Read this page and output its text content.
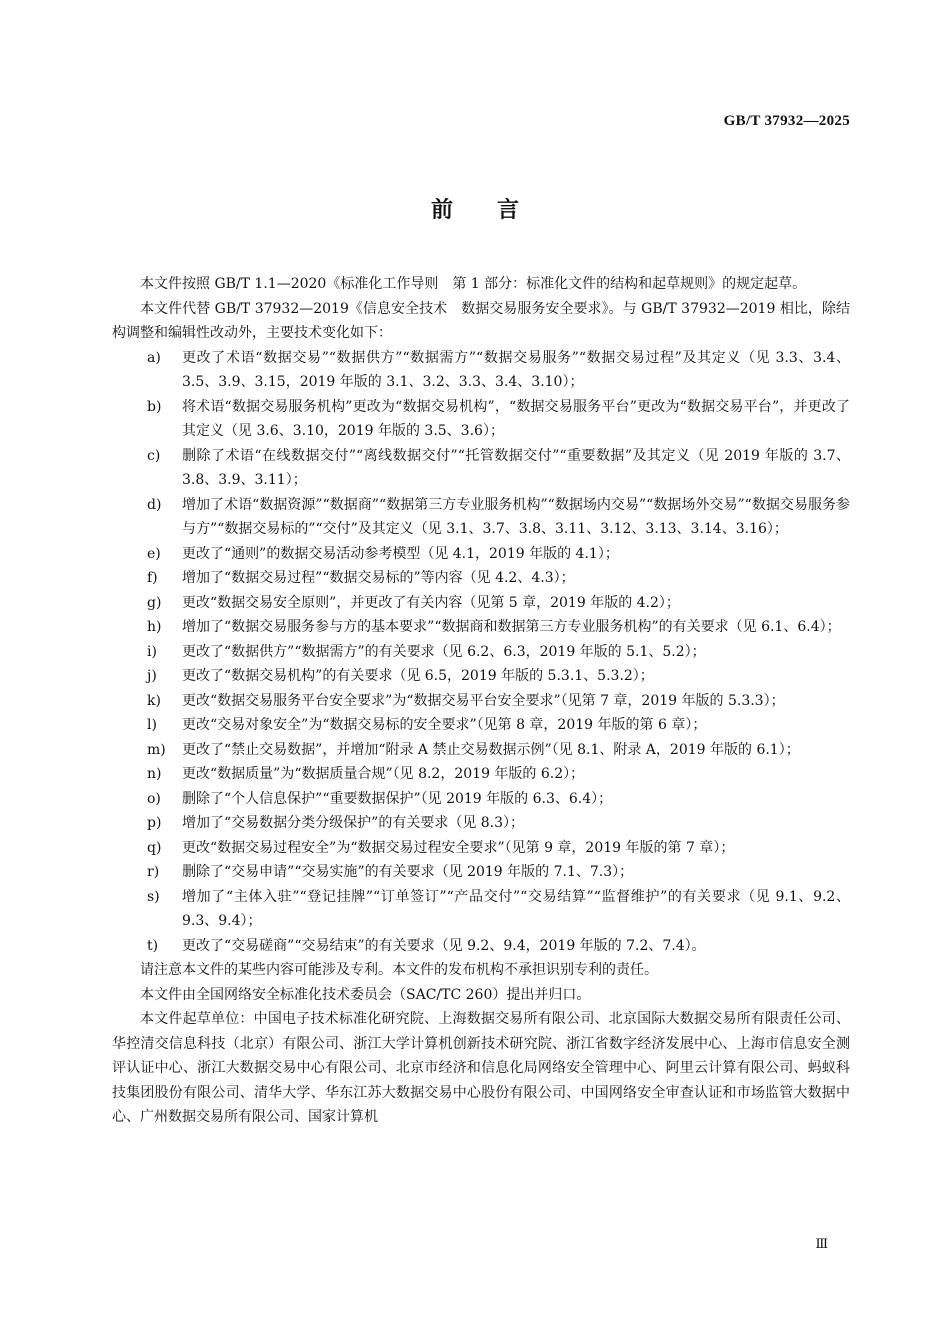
GB/T 37932—2025
前言

本文件按照 GB/T 1.1—2020《标准化工作导则　第 1 部分：标准化文件的结构和起草规则》的规定起草。

本文件代替 GB/T 37932—2019《信息安全技术　数据交易服务安全要求》。与 GB/T 37932—2019 相比，除结构调整和编辑性改动外，主要技术变化如下：

a)	更改了术语“数据交易”“数据供方”“数据需方”“数据交易服务”“数据交易过程”及其定义（见 3.3、3.4、3.5、3.9、3.15，2019 年版的 3.1、3.2、3.3、3.4、3.10）；
b)	将术语“数据交易服务机构”更改为“数据交易机构”，“数据交易服务平台”更改为“数据交易平台”，并更改了其定义（见 3.6、3.10，2019 年版的 3.5、3.6）；
c)	删除了术语“在线数据交付”“离线数据交付”“托管数据交付”“重要数据”及其定义（见 2019 年版的 3.7、3.8、3.9、3.11）；
d)	增加了术语“数据资源”“数据商”“数据第三方专业服务机构”“数据场内交易”“数据场外交易”“数据交易服务参与方”“数据交易标的”“交付”及其定义（见 3.1、3.7、3.8、3.11、3.12、3.13、3.14、3.16）；
e)	更改了“通则”的数据交易活动参考模型（见 4.1，2019 年版的 4.1）；
f)	增加了“数据交易过程”“数据交易标的”等内容（见 4.2、4.3）；
g)	更改“数据交易安全原则”，并更改了有关内容（见第 5 章，2019 年版的 4.2）；
h)	增加了“数据交易服务参与方的基本要求”“数据商和数据第三方专业服务机构”的有关要求（见 6.1、6.4）；
i)	更改了“数据供方”“数据需方”的有关要求（见 6.2、6.3，2019 年版的 5.1、5.2）；
j)	更改了“数据交易机构”的有关要求（见 6.5，2019 年版的 5.3.1、5.3.2）；
k)	更改“数据交易服务平台安全要求”为“数据交易平台安全要求”（见第 7 章，2019 年版的 5.3.3）；
l)	更改“交易对象安全”为“数据交易标的安全要求”（见第 8 章，2019 年版的第 6 章）；
m)	更改了“禁止交易数据”，并增加“附录 A 禁止交易数据示例”（见 8.1、附录 A，2019 年版的 6.1）；
n)	更改“数据质量”为“数据质量合规”（见 8.2，2019 年版的 6.2）；
o)	删除了“个人信息保护”“重要数据保护”（见 2019 年版的 6.3、6.4）；
p)	增加了“交易数据分类分级保护”的有关要求（见 8.3）；
q)	更改“数据交易过程安全”为“数据交易过程安全要求”（见第 9 章，2019 年版的第 7 章）；
r)	删除了“交易申请”“交易实施”的有关要求（见 2019 年版的 7.1、7.3）；
s)	增加了“主体入驻”“登记挂牌”“订单签订”“产品交付”“交易结算”“监督维护”的有关要求（见 9.1、9.2、9.3、9.4）；
t)	更改了“交易磋商”“交易结束”的有关要求（见 9.2、9.4，2019 年版的 7.2、7.4）。

请注意本文件的某些内容可能涉及专利。本文件的发布机构不承担识别专利的责任。

本文件由全国网络安全标准化技术委员会（SAC/TC 260）提出并归口。

本文件起草单位：中国电子技术标准化研究院、上海数据交易所有限公司、北京国际大数据交易所有限责任公司、华控清交信息科技（北京）有限公司、浙江大学计算机创新技术研究院、浙江省数字经济发展中心、上海市信息安全测评认证中心、浙江大数据交易中心有限公司、北京市经济和信息化局网络安全管理中心、阿里云计算有限公司、蚂蚁科技集团股份有限公司、清华大学、华东江苏大数据交易中心股份有限公司、中国网络安全审查认证和市场监管大数据中心、广州数据交易所有限公司、国家计算机

Ⅲ
